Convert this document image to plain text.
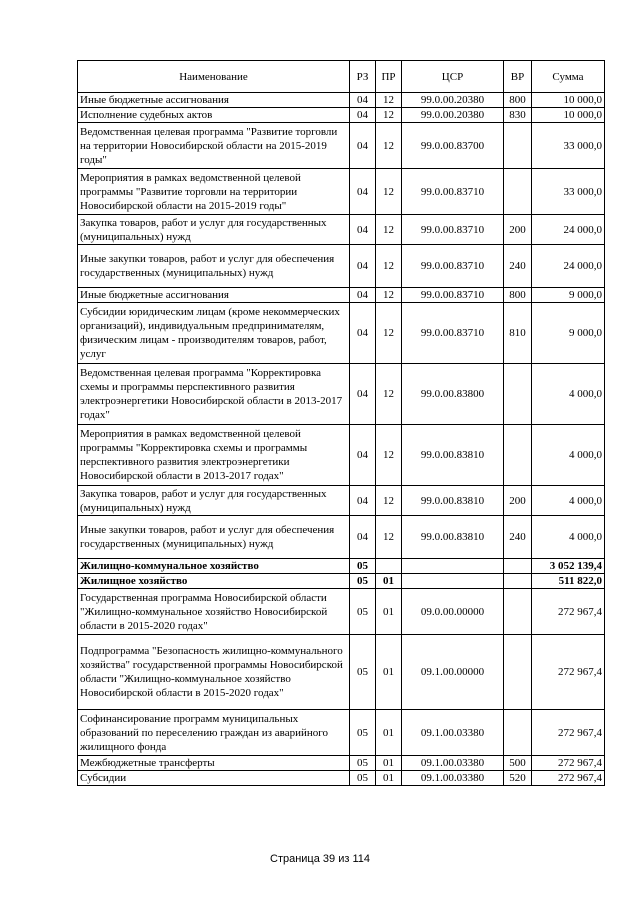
Наименование	РЗ	ПР	ЦСР	ВР	Сумма
Иные бюджетные ассигнования	04	12	99.0.00.20380	800	10 000,0
Исполнение судебных актов	04	12	99.0.00.20380	830	10 000,0
Ведомственная целевая программа "Развитие торговли на территории Новосибирской области на 2015-2019 годы"	04	12	99.0.00.83700		33 000,0
Мероприятия в рамках ведомственной целевой программы "Развитие торговли на территории Новосибирской области на 2015-2019 годы"	04	12	99.0.00.83710		33 000,0
Закупка товаров, работ и услуг для государственных (муниципальных) нужд	04	12	99.0.00.83710	200	24 000,0
Иные закупки товаров, работ и услуг для обеспечения государственных (муниципальных) нужд	04	12	99.0.00.83710	240	24 000,0
Иные бюджетные ассигнования	04	12	99.0.00.83710	800	9 000,0
Субсидии юридическим лицам (кроме некоммерческих организаций), индивидуальным предпринимателям, физическим лицам - производителям товаров, работ, услуг	04	12	99.0.00.83710	810	9 000,0
Ведомственная целевая программа "Корректировка схемы и программы перспективного развития электроэнергетики Новосибирской области в 2013-2017 годах"	04	12	99.0.00.83800		4 000,0
Мероприятия в рамках ведомственной целевой программы "Корректировка схемы и программы перспективного развития электроэнергетики Новосибирской области в 2013-2017 годах"	04	12	99.0.00.83810		4 000,0
Закупка товаров, работ и услуг для государственных (муниципальных) нужд	04	12	99.0.00.83810	200	4 000,0
Иные закупки товаров, работ и услуг для обеспечения государственных (муниципальных) нужд	04	12	99.0.00.83810	240	4 000,0
Жилищно-коммунальное хозяйство	05				3 052 139,4
Жилищное хозяйство	05	01			511 822,0
Государственная программа Новосибирской области "Жилищно-коммунальное хозяйство Новосибирской области в 2015-2020 годах"	05	01	09.0.00.00000		272 967,4
Подпрограмма "Безопасность жилищно-коммунального хозяйства" государственной программы Новосибирской области "Жилищно-коммунальное хозяйство Новосибирской области в 2015-2020 годах"	05	01	09.1.00.00000		272 967,4
Софинансирование программ муниципальных образований по переселению граждан из аварийного жилищного фонда	05	01	09.1.00.03380		272 967,4
Межбюджетные трансферты	05	01	09.1.00.03380	500	272 967,4
Субсидии	05	01	09.1.00.03380	520	272 967,4
Страница 39 из 114
